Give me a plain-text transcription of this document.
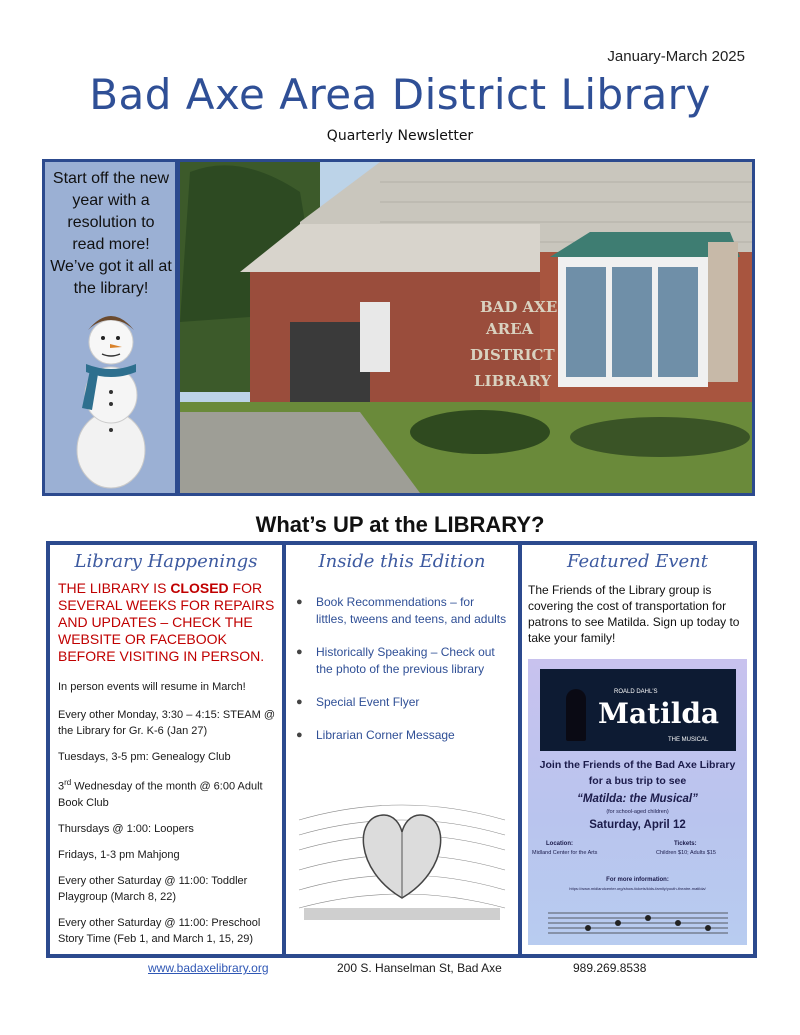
January-March 2025
Bad Axe Area District Library
Quarterly Newsletter
Start off the new year with a resolution to read more! We’ve got it all at the library!
BAD AXE
AREA
DISTRICT
LIBRARY
What’s UP at the LIBRARY?
Library Happenings
THE LIBRARY IS CLOSED FOR SEVERAL WEEKS FOR REPAIRS AND UPDATES – CHECK THE WEBSITE OR FACEBOOK BEFORE VISITING IN PERSON.
In person events will resume in March!
Every other Monday, 3:30 – 4:15: STEAM @ the Library for Gr. K-6 (Jan 27)
Tuesdays, 3-5 pm: Genealogy Club
3rd Wednesday of the month @ 6:00 Adult Book Club
Thursdays @ 1:00: Loopers
Fridays, 1-3 pm Mahjong
Every other Saturday @ 11:00: Toddler Playgroup (March 8, 22)
Every other Saturday @ 11:00: Preschool Story Time (Feb 1, and March 1, 15, 29)
Inside this Edition
● Book Recommendations – for littles, tweens and teens, and adults
● Historically Speaking – Check out the photo of the previous library
● Special Event Flyer
● Librarian Corner Message
Featured Event
The Friends of the Library group is covering the cost of transportation for patrons to see Matilda. Sign up today to take your family!
ROALD DAHL'S
Matilda
THE MUSICAL
Join the Friends of the Bad Axe Library
for a bus trip to see
“Matilda: the Musical”
(for school-aged children)
Saturday, April 12
Location:
Midland Center for the Arts
Tickets:
Children $10; Adults $15
For more information:
https://www.midlandcenter.org/show-tickets/kids-family/youth-theatre-matilda/
www.badaxelibrary.org	200 S. Hanselman St, Bad Axe	989.269.8538
